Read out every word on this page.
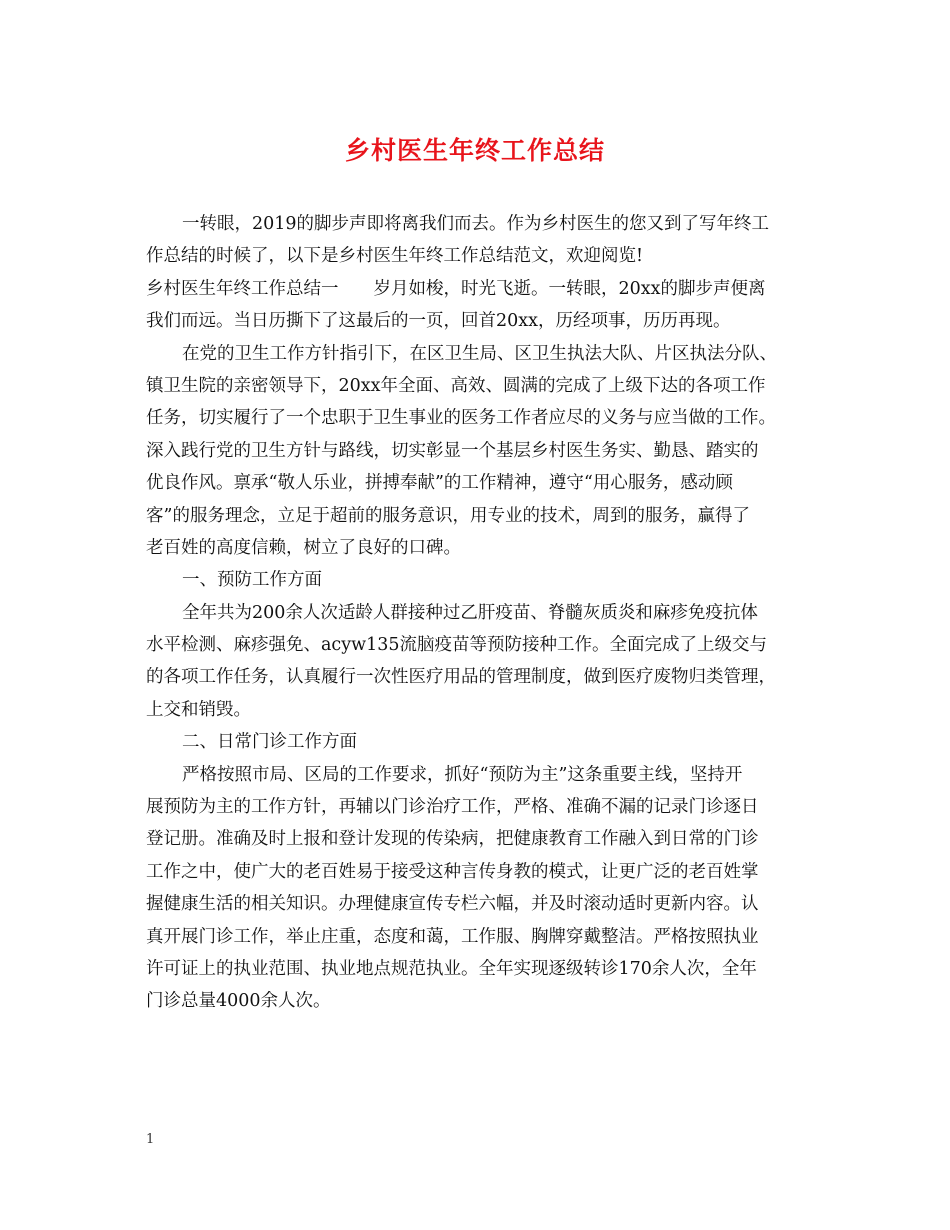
乡村医生年终工作总结
一转眼，2019的脚步声即将离我们而去。作为乡村医生的您又到了写年终工
作总结的时候了，以下是乡村医生年终工作总结范文，欢迎阅览!
乡村医生年终工作总结一　　岁月如梭，时光飞逝。一转眼，20xx的脚步声便离
我们而远。当日历撕下了这最后的一页，回首20xx，历经项事，历历再现。
在党的卫生工作方针指引下，在区卫生局、区卫生执法大队、片区执法分队、
镇卫生院的亲密领导下，20xx年全面、高效、圆满的完成了上级下达的各项工作
任务，切实履行了一个忠职于卫生事业的医务工作者应尽的义务与应当做的工作。
深入践行党的卫生方针与路线，切实彰显一个基层乡村医生务实、勤恳、踏实的
优良作风。禀承“敬人乐业，拼搏奉献”的工作精神，遵守“用心服务，感动顾
客”的服务理念，立足于超前的服务意识，用专业的技术，周到的服务，赢得了
老百姓的高度信赖，树立了良好的口碑。
一、预防工作方面
全年共为200余人次适龄人群接种过乙肝疫苗、脊髓灰质炎和麻疹免疫抗体
水平检测、麻疹强免、acyw135流脑疫苗等预防接种工作。全面完成了上级交与
的各项工作任务，认真履行一次性医疗用品的管理制度，做到医疗废物归类管理，
上交和销毁。
二、日常门诊工作方面
严格按照市局、区局的工作要求，抓好“预防为主”这条重要主线，坚持开
展预防为主的工作方针，再辅以门诊治疗工作，严格、准确不漏的记录门诊逐日
登记册。准确及时上报和登计发现的传染病，把健康教育工作融入到日常的门诊
工作之中，使广大的老百姓易于接受这种言传身教的模式，让更广泛的老百姓掌
握健康生活的相关知识。办理健康宣传专栏六幅，并及时滚动适时更新内容。认
真开展门诊工作，举止庄重，态度和蔼，工作服、胸牌穿戴整洁。严格按照执业
许可证上的执业范围、执业地点规范执业。全年实现逐级转诊170余人次，全年
门诊总量4000余人次。
1
